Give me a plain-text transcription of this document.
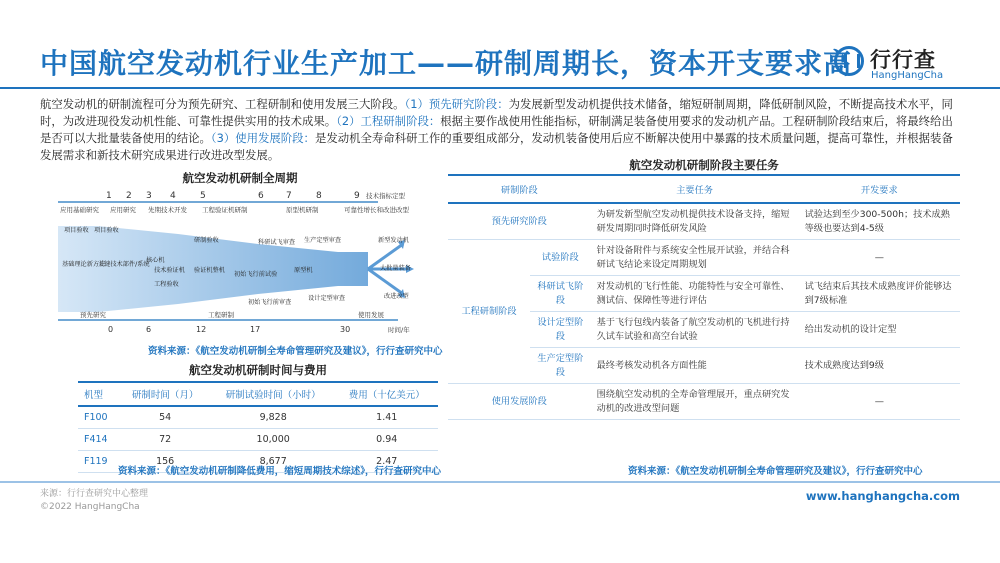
中国航空发动机行业生产加工——研制周期长，资本开支要求高 行行查
HangHangCha
航空发动机的研制流程可分为预先研究、工程研制和使用发展三大阶段。（1）预先研究阶段：为发展新型发动机提供技术储备，缩短研制周期，降低研制风险，不断提高技术水平，同时，为改进现役发动机性能、可靠性提供实用的技术成果。（2）工程研制阶段：根据主要作战使用性能指标，研制满足装备使用要求的发动机产品。工程研制阶段结束后，将最终给出是否可以大批量装备使用的结论。（3）使用发展阶段：是发动机全寿命科研工作的重要组成部分，发动机装备使用后应不断解决使用中暴露的技术质量问题，提高可靠性，并根据装备发展需求和新技术研究成果进行改进改型发展。
航空发动机研制全周期
1 2 3 4	5	6 7	8	9
应用基础研究 应用研究 先期技术开发 工程验证机研制	原型机研制	可靠性增长和改进改型
技术指标定型
项目验收
基础理论新方法
关键技术部件/系统
核心机
技术验证机 验证机整机
研制验收
原型机
初始飞行前试验
科研试飞审查 生产定型审查
设计定型审查
初始飞行前审查
项目验收
工程验收
新型发动机
改进改型
大批量装备
预先研究	工程研制	使用发展
0	6	12	17	30	时间/年
资料来源：《航空发动机研制全寿命管理研究及建议》，行行查研究中心
航空发动机研制时间与费用
机型	研制时间（月）	研制试验时间（小时）	费用（十亿美元）
F100	54	9,828	1.41
F414	72	10,000	0.94
F119	156	8,677	2.47
资料来源：《航空发动机研制降低费用，缩短周期技术综述》，行行查研究中心
航空发动机研制阶段主要任务
研制阶段		主要任务	开发要求
预先研究阶段		为研发新型航空发动机提供技术设备支持，缩短研发周期同时降低研发风险	试验达到至少300-500h；技术成熟等级也要达到4-5级
工程研制阶段	试验阶段	针对设备附件与系统安全性展开试验，并结合科研试飞结论来设定周期规划	—
	科研试飞阶段	对发动机的飞行性能、功能特性与安全可靠性、测试信、保障性等进行评估	试飞结束后其技术成熟度评价能够达到7级标准
	设计定型阶段	基于飞行包线内装备了航空发动机的飞机进行持久试车试验和高空台试验	给出发动机的设计定型
	生产定型阶段	最终考核发动机各方面性能	技术成熟度达到9级
使用发展阶段		围绕航空发动机的全寿命管理展开，重点研究发动机的改进改型问题	—
资料来源：《航空发动机研制全寿命管理研究及建议》，行行查研究中心
来源：行行查研究中心整理
©2022 HangHangCha
www.hanghangcha.com
